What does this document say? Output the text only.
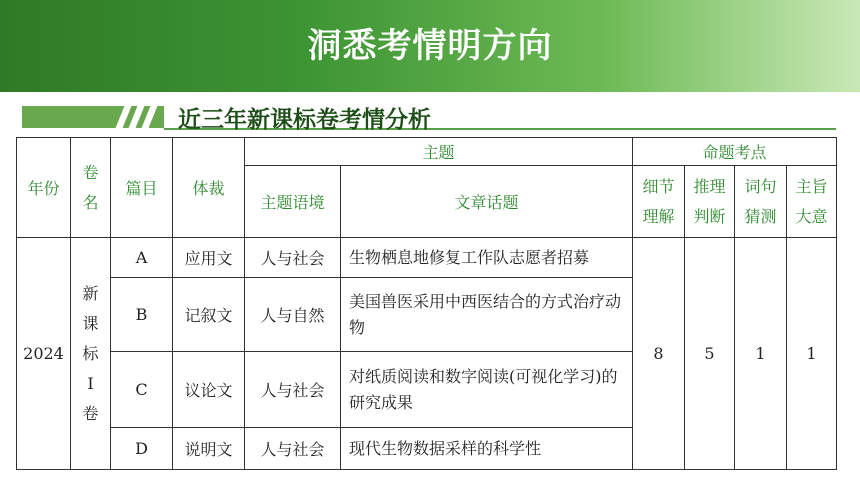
洞悉考情明方向
近三年新课标卷考情分析
年份	卷名	篇目	体裁	主题		命题考点			
				主题语境	文章话题	细节理解	推理判断	词句猜测	主旨大意

2024	新课标Ⅰ卷	A	应用文	人与社会	生物栖息地修复工作队志愿者招募	8	5	1	1
		B	记叙文	人与自然	美国兽医采用中西医结合的方式治疗动物				
		C	议论文	人与社会	对纸质阅读和数字阅读(可视化学习)的研究成果				
		D	说明文	人与社会	现代生物数据采样的科学性				
